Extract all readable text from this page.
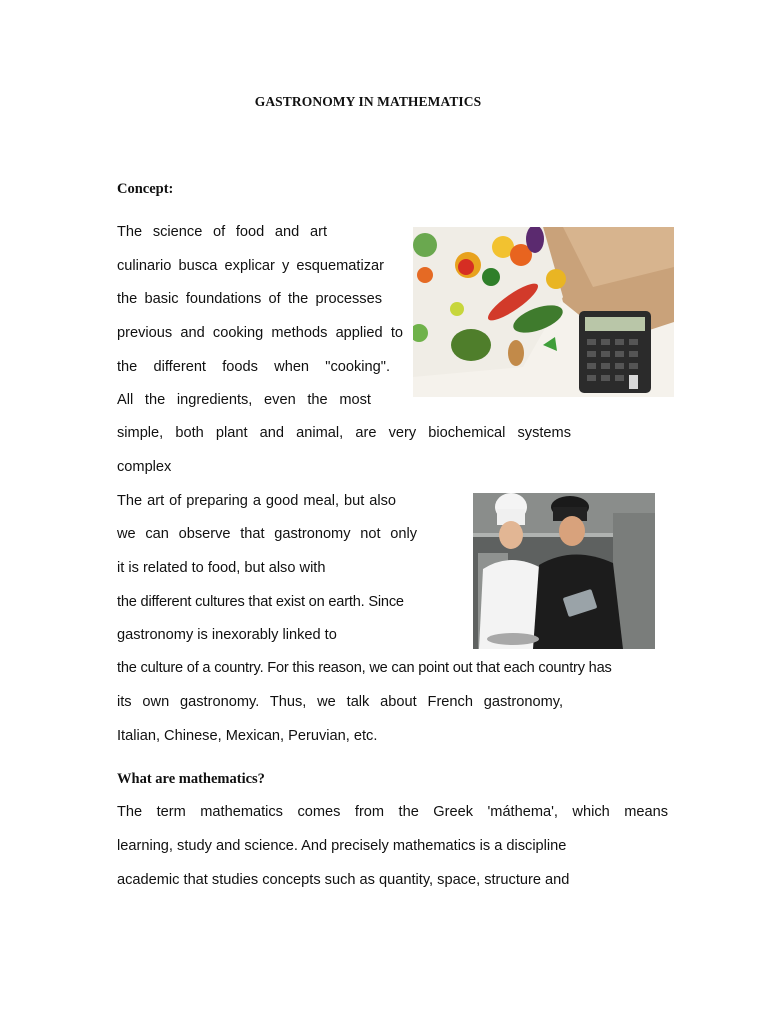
GASTRONOMY IN MATHEMATICS
Concept:
The science of food and art
culinario busca explicar y esquematizar
the basic foundations of the processes
previous and cooking methods applied to
the different foods when "cooking".
All the ingredients, even the most
simple, both plant and animal, are very biochemical systems
complex
The art of preparing a good meal, but also
we can observe that gastronomy not only
it is related to food, but also with
the different cultures that exist on earth. Since
gastronomy is inexorably linked to
the culture of a country. For this reason, we can point out that each country has
its own gastronomy. Thus, we talk about French gastronomy,
Italian, Chinese, Mexican, Peruvian, etc.
What are mathematics?
The term mathematics comes from the Greek 'máthema', which means
learning, study and science. And precisely mathematics is a discipline
academic that studies concepts such as quantity, space, structure and
